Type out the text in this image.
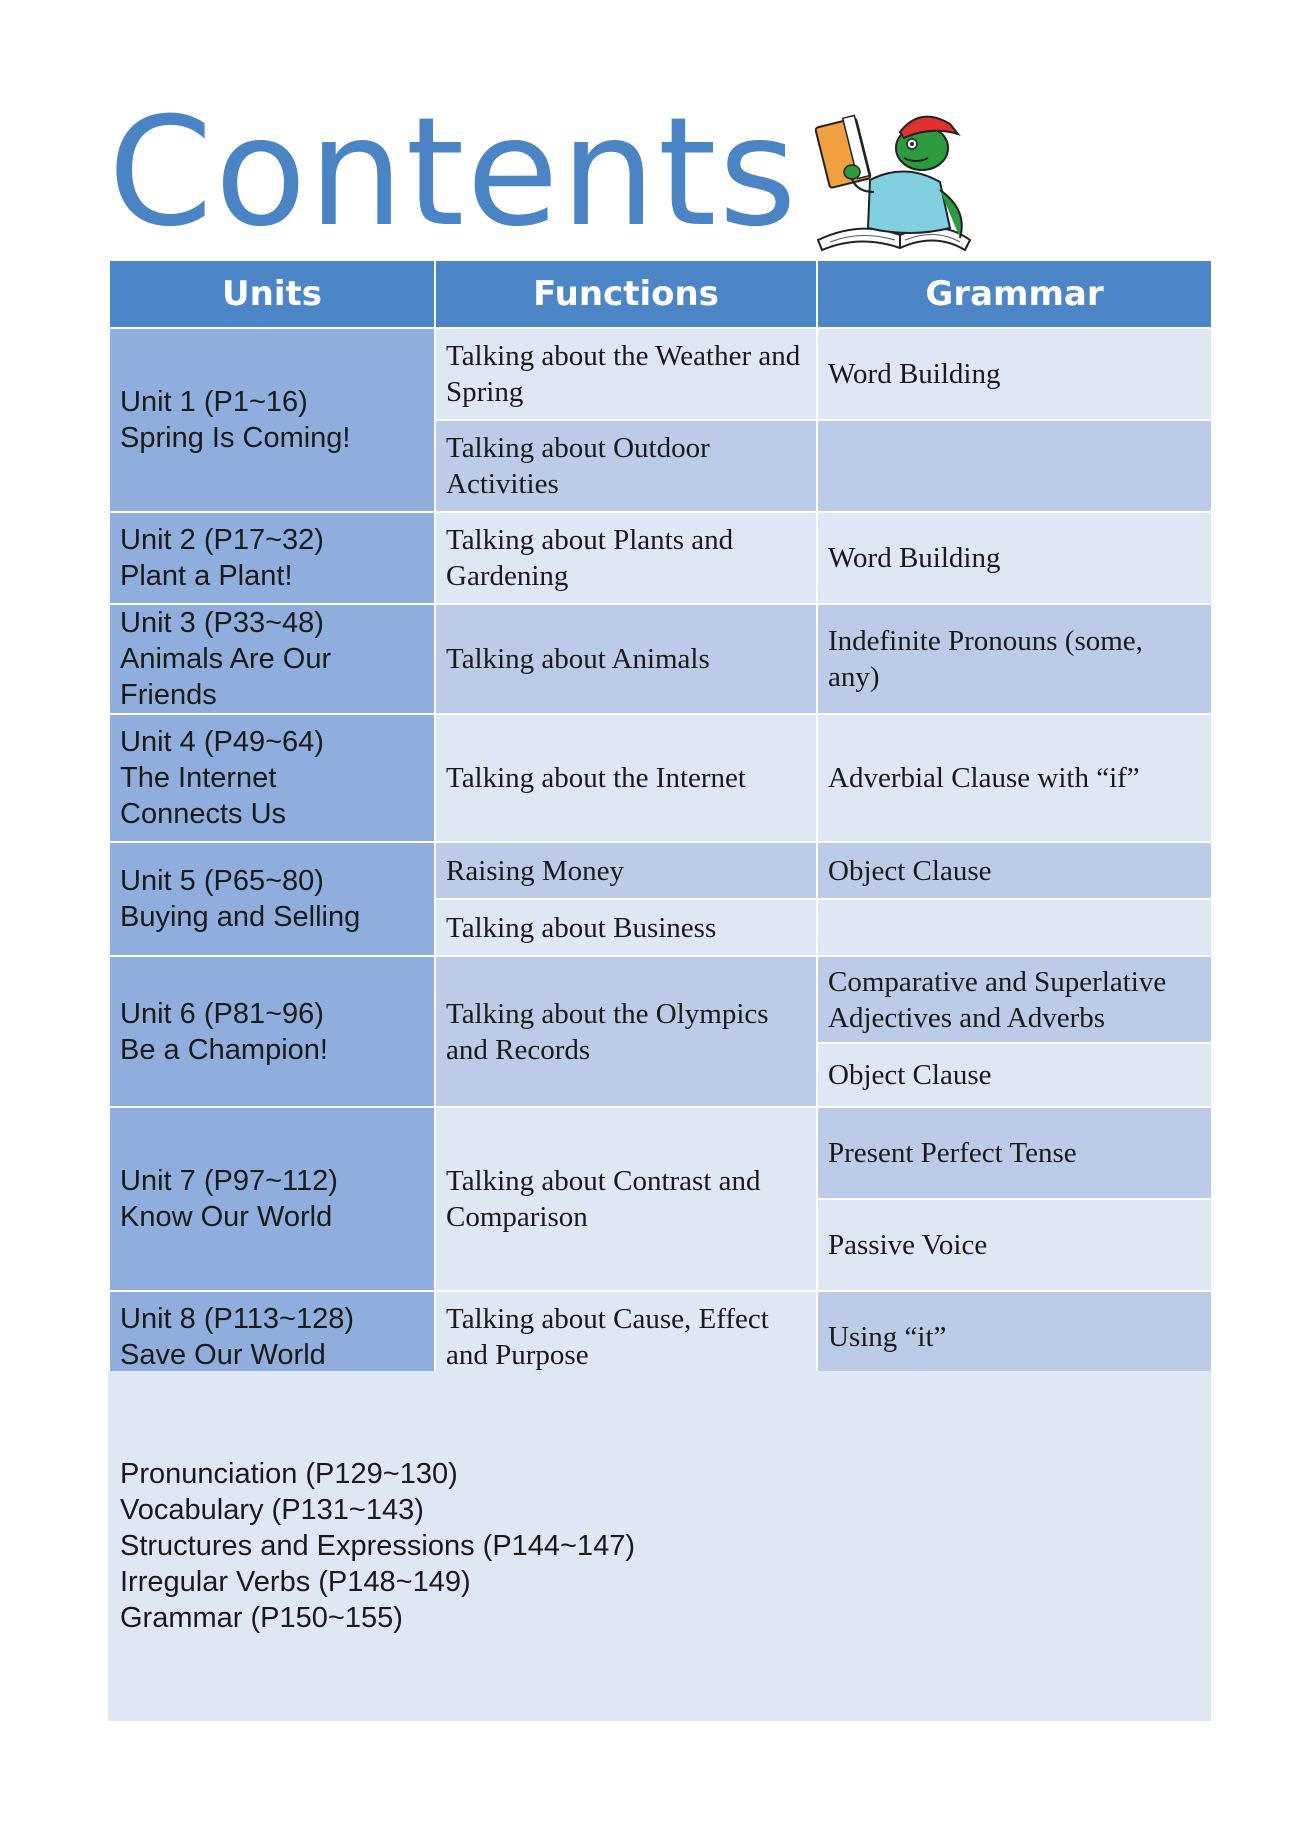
Contents
Units	Functions	Grammar

Unit 1 (P1~16)
Spring Is Coming!	Talking about the Weather and Spring	Word Building
	Talking about Outdoor Activities	

Unit 2 (P17~32)
Plant a Plant!	Talking about Plants and Gardening	Word Building

Unit 3 (P33~48)
Animals Are Our Friends	Talking about Animals	Indefinite Pronouns (some, any)

Unit 4 (P49~64)
The Internet
Connects Us	Talking about the Internet	Adverbial Clause with “if”

Unit 5 (P65~80)
Buying and Selling	Raising Money	Object Clause
	Talking about Business	

Unit 6 (P81~96)
Be a Champion!	Talking about the Olympics and Records	Comparative and Superlative Adjectives and Adverbs
		Object Clause

Unit 7 (P97~112)
Know Our World	Talking about Contrast and Comparison	Present Perfect Tense
		Passive Voice

Unit 8 (P113~128)
Save Our World	Talking about Cause, Effect and Purpose	Using “it”
Pronunciation (P129~130)
Vocabulary (P131~143)
Structures and Expressions (P144~147)
Irregular Verbs (P148~149)
Grammar (P150~155)
